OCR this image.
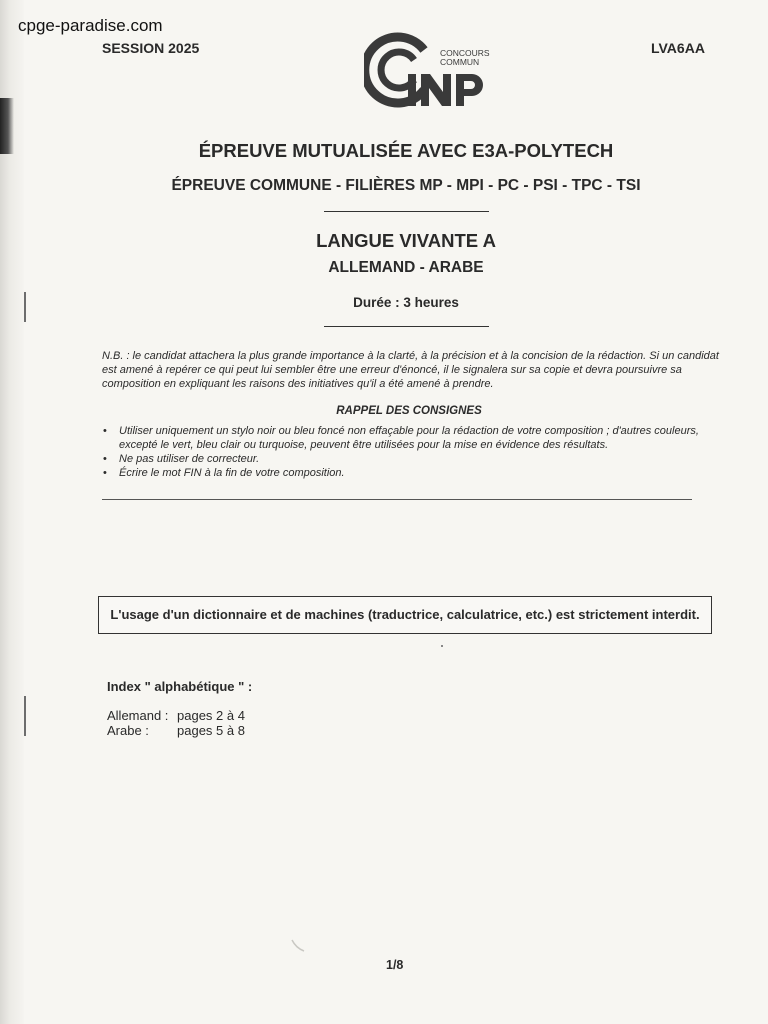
cpge-paradise.com
SESSION 2025	LVA6AA
CONCOURS
COMMUN
ÉPREUVE MUTUALISÉE AVEC E3A-POLYTECH
ÉPREUVE COMMUNE - FILIÈRES MP - MPI - PC - PSI - TPC - TSI
LANGUE VIVANTE A
ALLEMAND - ARABE
Durée : 3 heures
N.B. : le candidat attachera la plus grande importance à la clarté, à la précision et à la concision de la rédaction. Si un candidat est amené à repérer ce qui peut lui sembler être une erreur d'énoncé, il le signalera sur sa copie et devra poursuivre sa composition en expliquant les raisons des initiatives qu'il a été amené à prendre.
RAPPEL DES CONSIGNES
• Utiliser uniquement un stylo noir ou bleu foncé non effaçable pour la rédaction de votre composition ; d'autres couleurs, excepté le vert, bleu clair ou turquoise, peuvent être utilisées pour la mise en évidence des résultats.
• Ne pas utiliser de correcteur.
• Écrire le mot FIN à la fin de votre composition.
L'usage d'un dictionnaire et de machines (traductrice, calculatrice, etc.) est strictement interdit.
Index " alphabétique " :
Allemand : pages 2 à 4
Arabe : pages 5 à 8
1/8
